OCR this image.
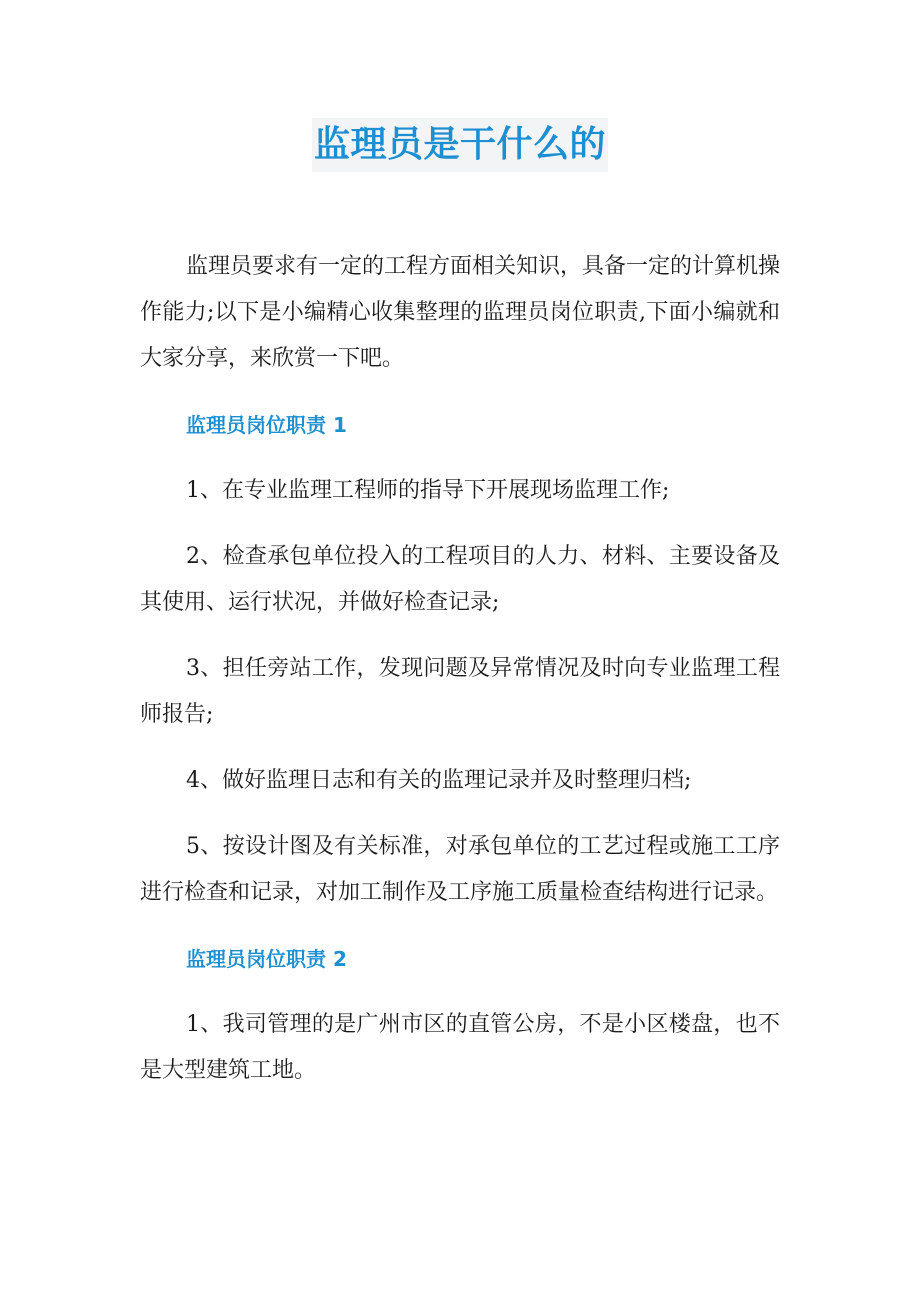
监理员是干什么的

监理员要求有一定的工程方面相关知识，具备一定的计算机操作能力;以下是小编精心收集整理的监理员岗位职责,下面小编就和大家分享，来欣赏一下吧。

监理员岗位职责 1

1、在专业监理工程师的指导下开展现场监理工作;

2、检查承包单位投入的工程项目的人力、材料、主要设备及其使用、运行状况，并做好检查记录;

3、担任旁站工作，发现问题及异常情况及时向专业监理工程师报告;

4、做好监理日志和有关的监理记录并及时整理归档;

5、按设计图及有关标准，对承包单位的工艺过程或施工工序进行检查和记录，对加工制作及工序施工质量检查结构进行记录。

监理员岗位职责 2

1、我司管理的是广州市区的直管公房，不是小区楼盘，也不是大型建筑工地。
